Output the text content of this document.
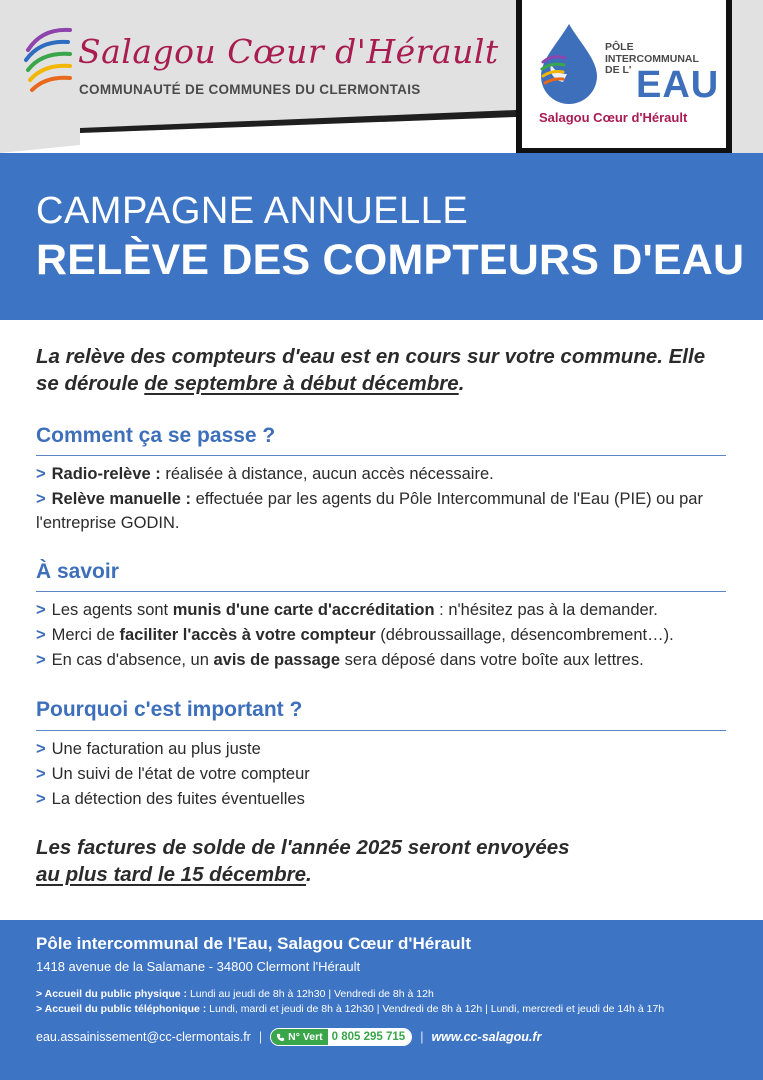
Salagou Cœur d'Hérault
COMMUNAUTÉ DE COMMUNES DU CLERMONTAIS
PÔLE
INTERCOMMUNAL
DE L' EAU
Salagou Cœur d'Hérault
CAMPAGNE ANNUELLE
RELÈVE DES COMPTEURS D'EAU
La relève des compteurs d'eau est en cours sur votre commune. Elle se déroule de septembre à début décembre.
Comment ça se passe ?
> Radio-relève : réalisée à distance, aucun accès nécessaire.
> Relève manuelle : effectuée par les agents du Pôle Intercommunal de l'Eau (PIE) ou par l'entreprise GODIN.
À savoir
> Les agents sont munis d'une carte d'accréditation : n'hésitez pas à la demander.
> Merci de faciliter l'accès à votre compteur (débroussaillage, désencombrement…).
> En cas d'absence, un avis de passage sera déposé dans votre boîte aux lettres.
Pourquoi c'est important ?
> Une facturation au plus juste
> Un suivi de l'état de votre compteur
> La détection des fuites éventuelles
Les factures de solde de l'année 2025 seront envoyées
au plus tard le 15 décembre.
Pôle intercommunal de l'Eau, Salagou Cœur d'Hérault
1418 avenue de la Salamane - 34800 Clermont l'Hérault
> Accueil du public physique : Lundi au jeudi de 8h à 12h30 | Vendredi de 8h à 12h
> Accueil du public téléphonique : Lundi, mardi et jeudi de 8h à 12h30 | Vendredi de 8h à 12h | Lundi, mercredi et jeudi de 14h à 17h
eau.assainissement@cc-clermontais.fr | N° Vert 0 805 295 715	| www.cc-salagou.fr
